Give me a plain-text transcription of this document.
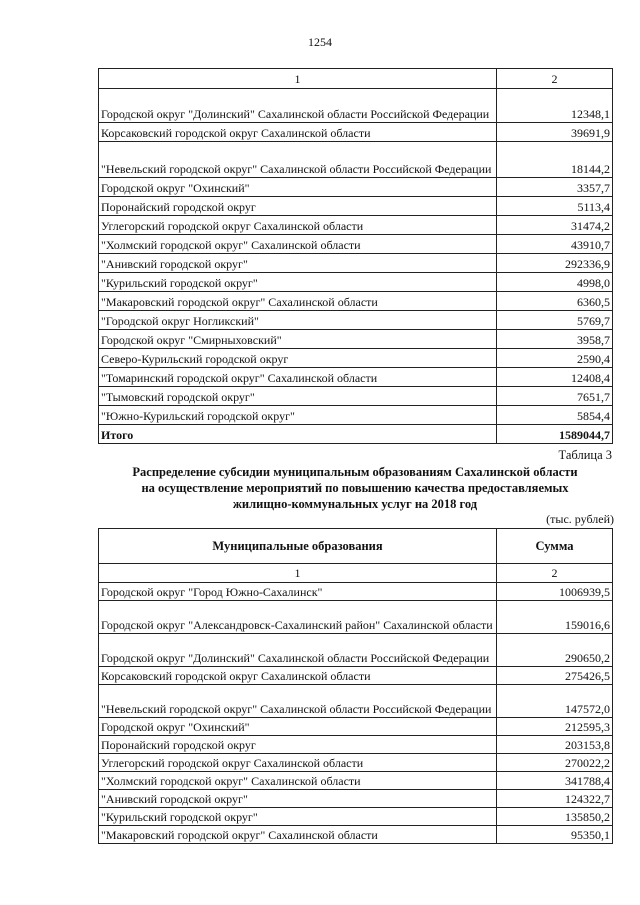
1254
1	2
Городской округ "Долинский" Сахалинской области Российской Федерации	12348,1
Корсаковский городской округ Сахалинской области	39691,9
"Невельский городской округ" Сахалинской области Российской Федерации	18144,2
Городской округ "Охинский"	3357,7
Поронайский городской округ	5113,4
Углегорский городской округ Сахалинской области	31474,2
"Холмский городской округ" Сахалинской области	43910,7
"Анивский городской округ"	292336,9
"Курильский городской округ"	4998,0
"Макаровский городской округ" Сахалинской области	6360,5
"Городской округ Ногликский"	5769,7
Городской округ "Смирныховский"	3958,7
Северо-Курильский городской округ	2590,4
"Томаринский городской округ" Сахалинской области	12408,4
"Тымовский городской округ"	7651,7
"Южно-Курильский городской округ"	5854,4
Итого	1589044,7
Таблица 3
Распределение субсидии муниципальным образованиям Сахалинской области
на осуществление мероприятий по повышению качества предоставляемых
жилищно-коммунальных услуг на 2018 год
(тыс. рублей)
Муниципальные образования	Сумма
1	2
Городской округ "Город Южно-Сахалинск"	1006939,5
Городской округ "Александровск-Сахалинский район" Сахалинской области	159016,6
Городской округ "Долинский" Сахалинской области Российской Федерации	290650,2
Корсаковский городской округ Сахалинской области	275426,5
"Невельский городской округ" Сахалинской области Российской Федерации	147572,0
Городской округ "Охинский"	212595,3
Поронайский городской округ	203153,8
Углегорский городской округ Сахалинской области	270022,2
"Холмский городской округ" Сахалинской области	341788,4
"Анивский городской округ"	124322,7
"Курильский городской округ"	135850,2
"Макаровский городской округ" Сахалинской области	95350,1
